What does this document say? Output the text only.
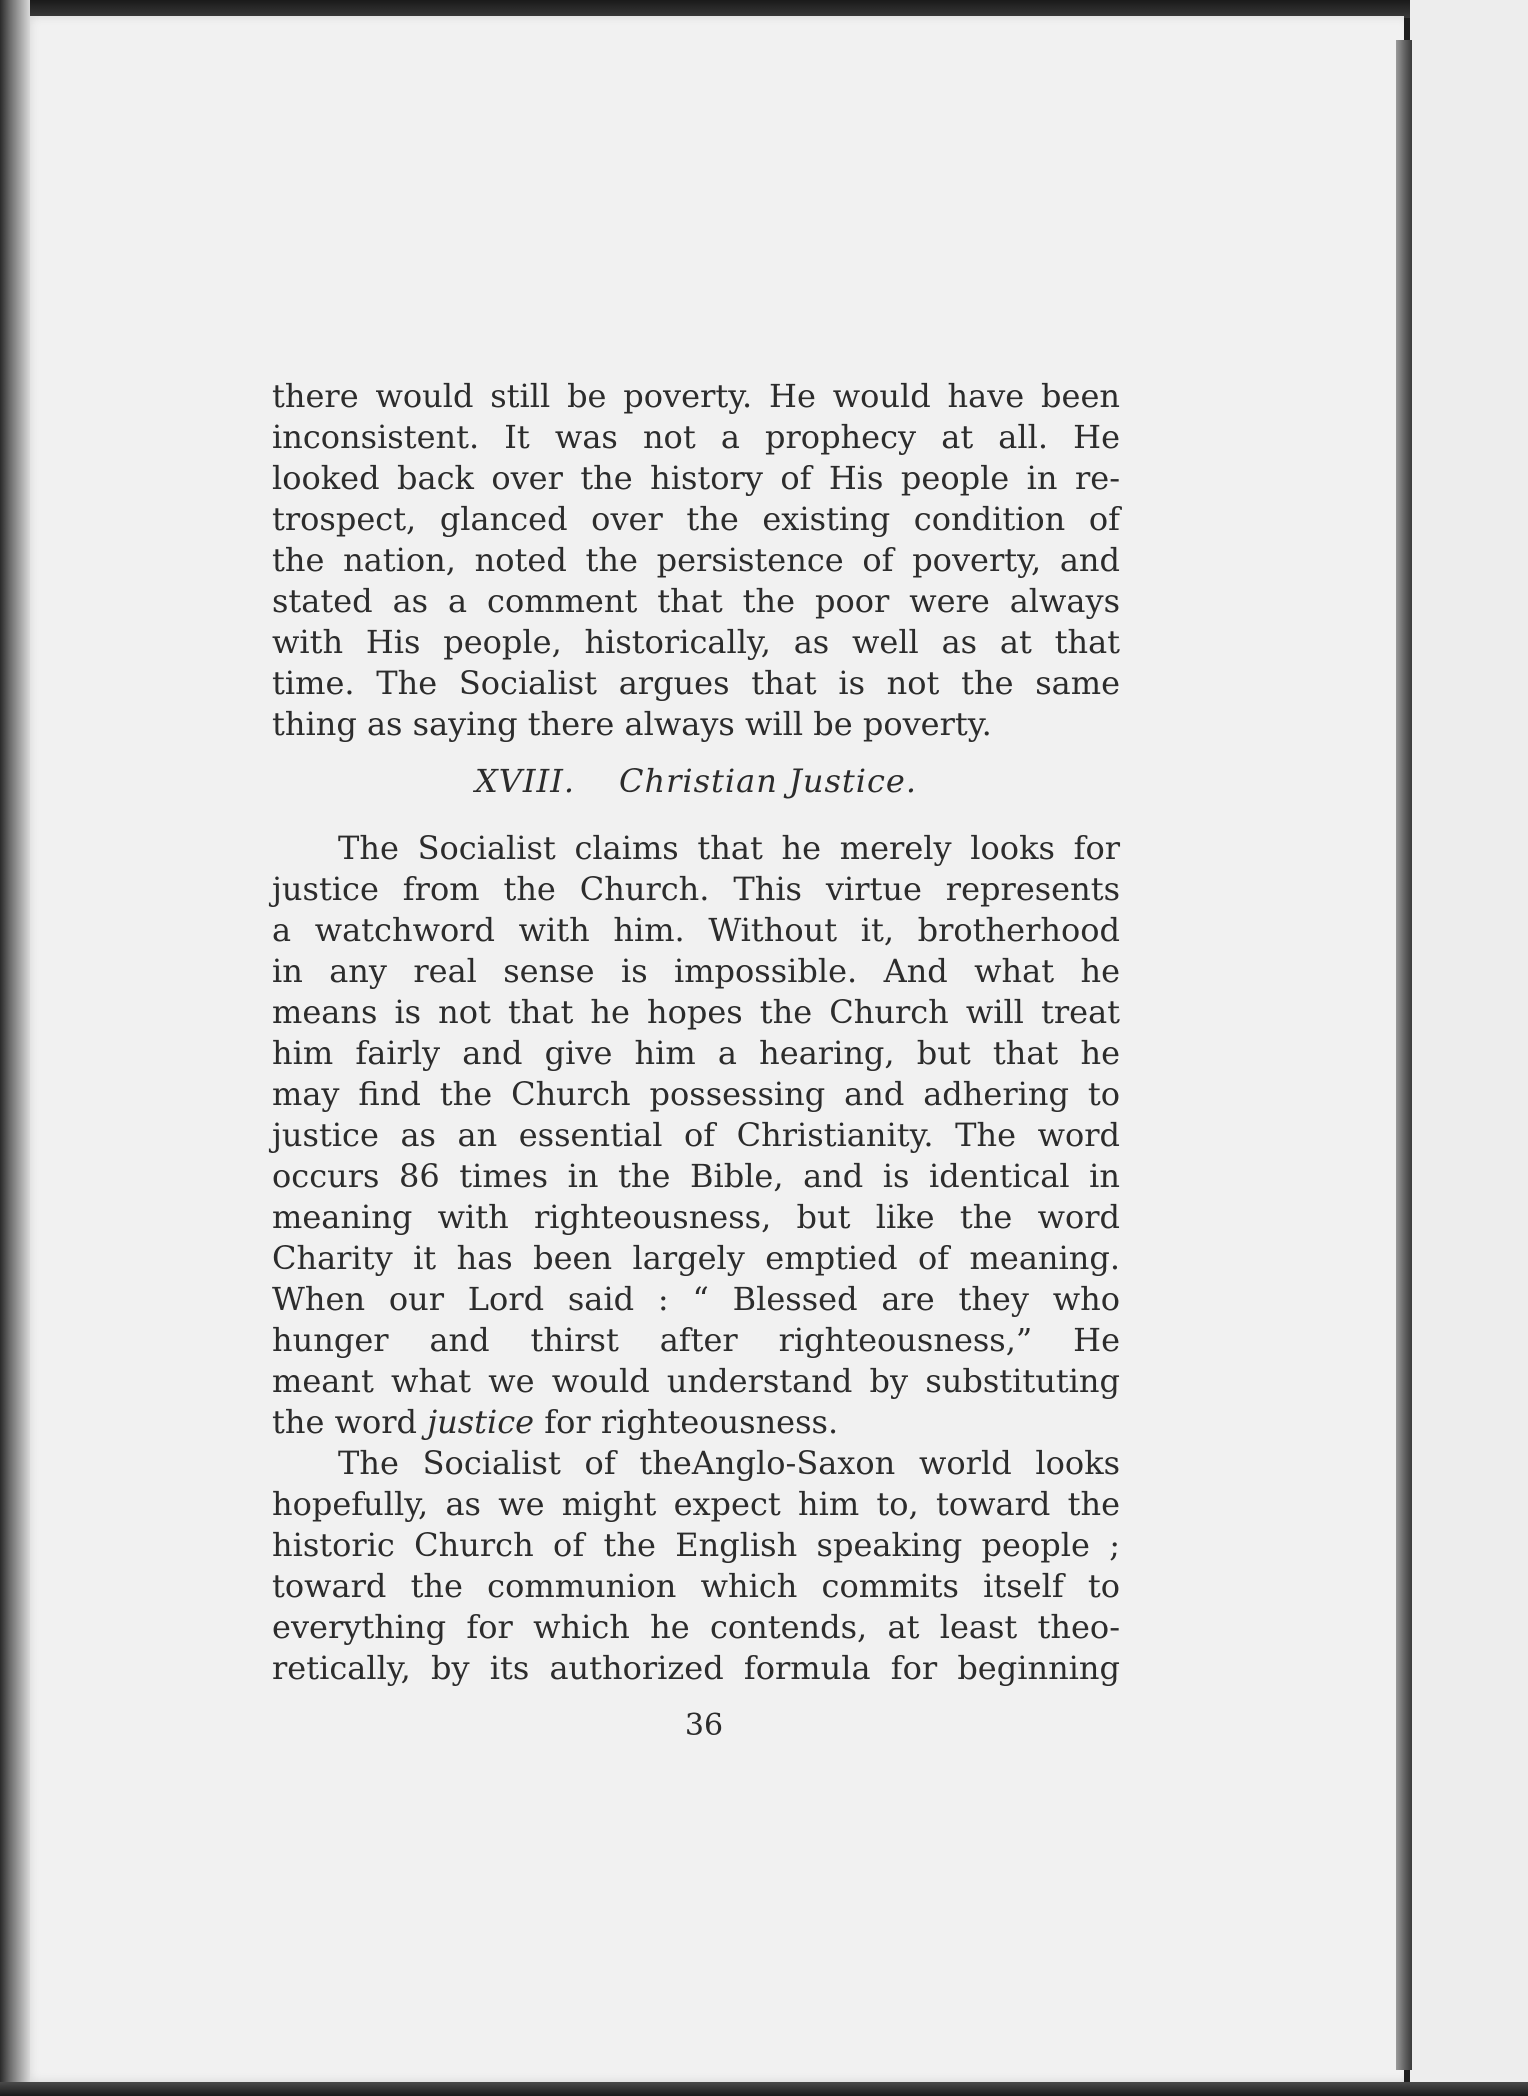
there would still be poverty. He would have been
inconsistent. It was not a prophecy at all. He
looked back over the history of His people in re-
trospect, glanced over the existing condition of
the nation, noted the persistence of poverty, and
stated as a comment that the poor were always
with His people, historically, as well as at that
time. The Socialist argues that is not the same
thing as saying there always will be poverty.
XVIII. Christian Justice.
The Socialist claims that he merely looks for
justice from the Church. This virtue represents
a watchword with him. Without it, brotherhood
in any real sense is impossible. And what he
means is not that he hopes the Church will treat
him fairly and give him a hearing, but that he
may find the Church possessing and adhering to
justice as an essential of Christianity. The word
occurs 86 times in the Bible, and is identical in
meaning with righteousness, but like the word
Charity it has been largely emptied of meaning.
When our Lord said : “ Blessed are they who
hunger and thirst after righteousness,” He
meant what we would understand by substituting
the word justice for righteousness.
The Socialist of theAnglo-Saxon world looks
hopefully, as we might expect him to, toward the
historic Church of the English speaking people ;
toward the communion which commits itself to
everything for which he contends, at least theo-
retically, by its authorized formula for beginning
36
